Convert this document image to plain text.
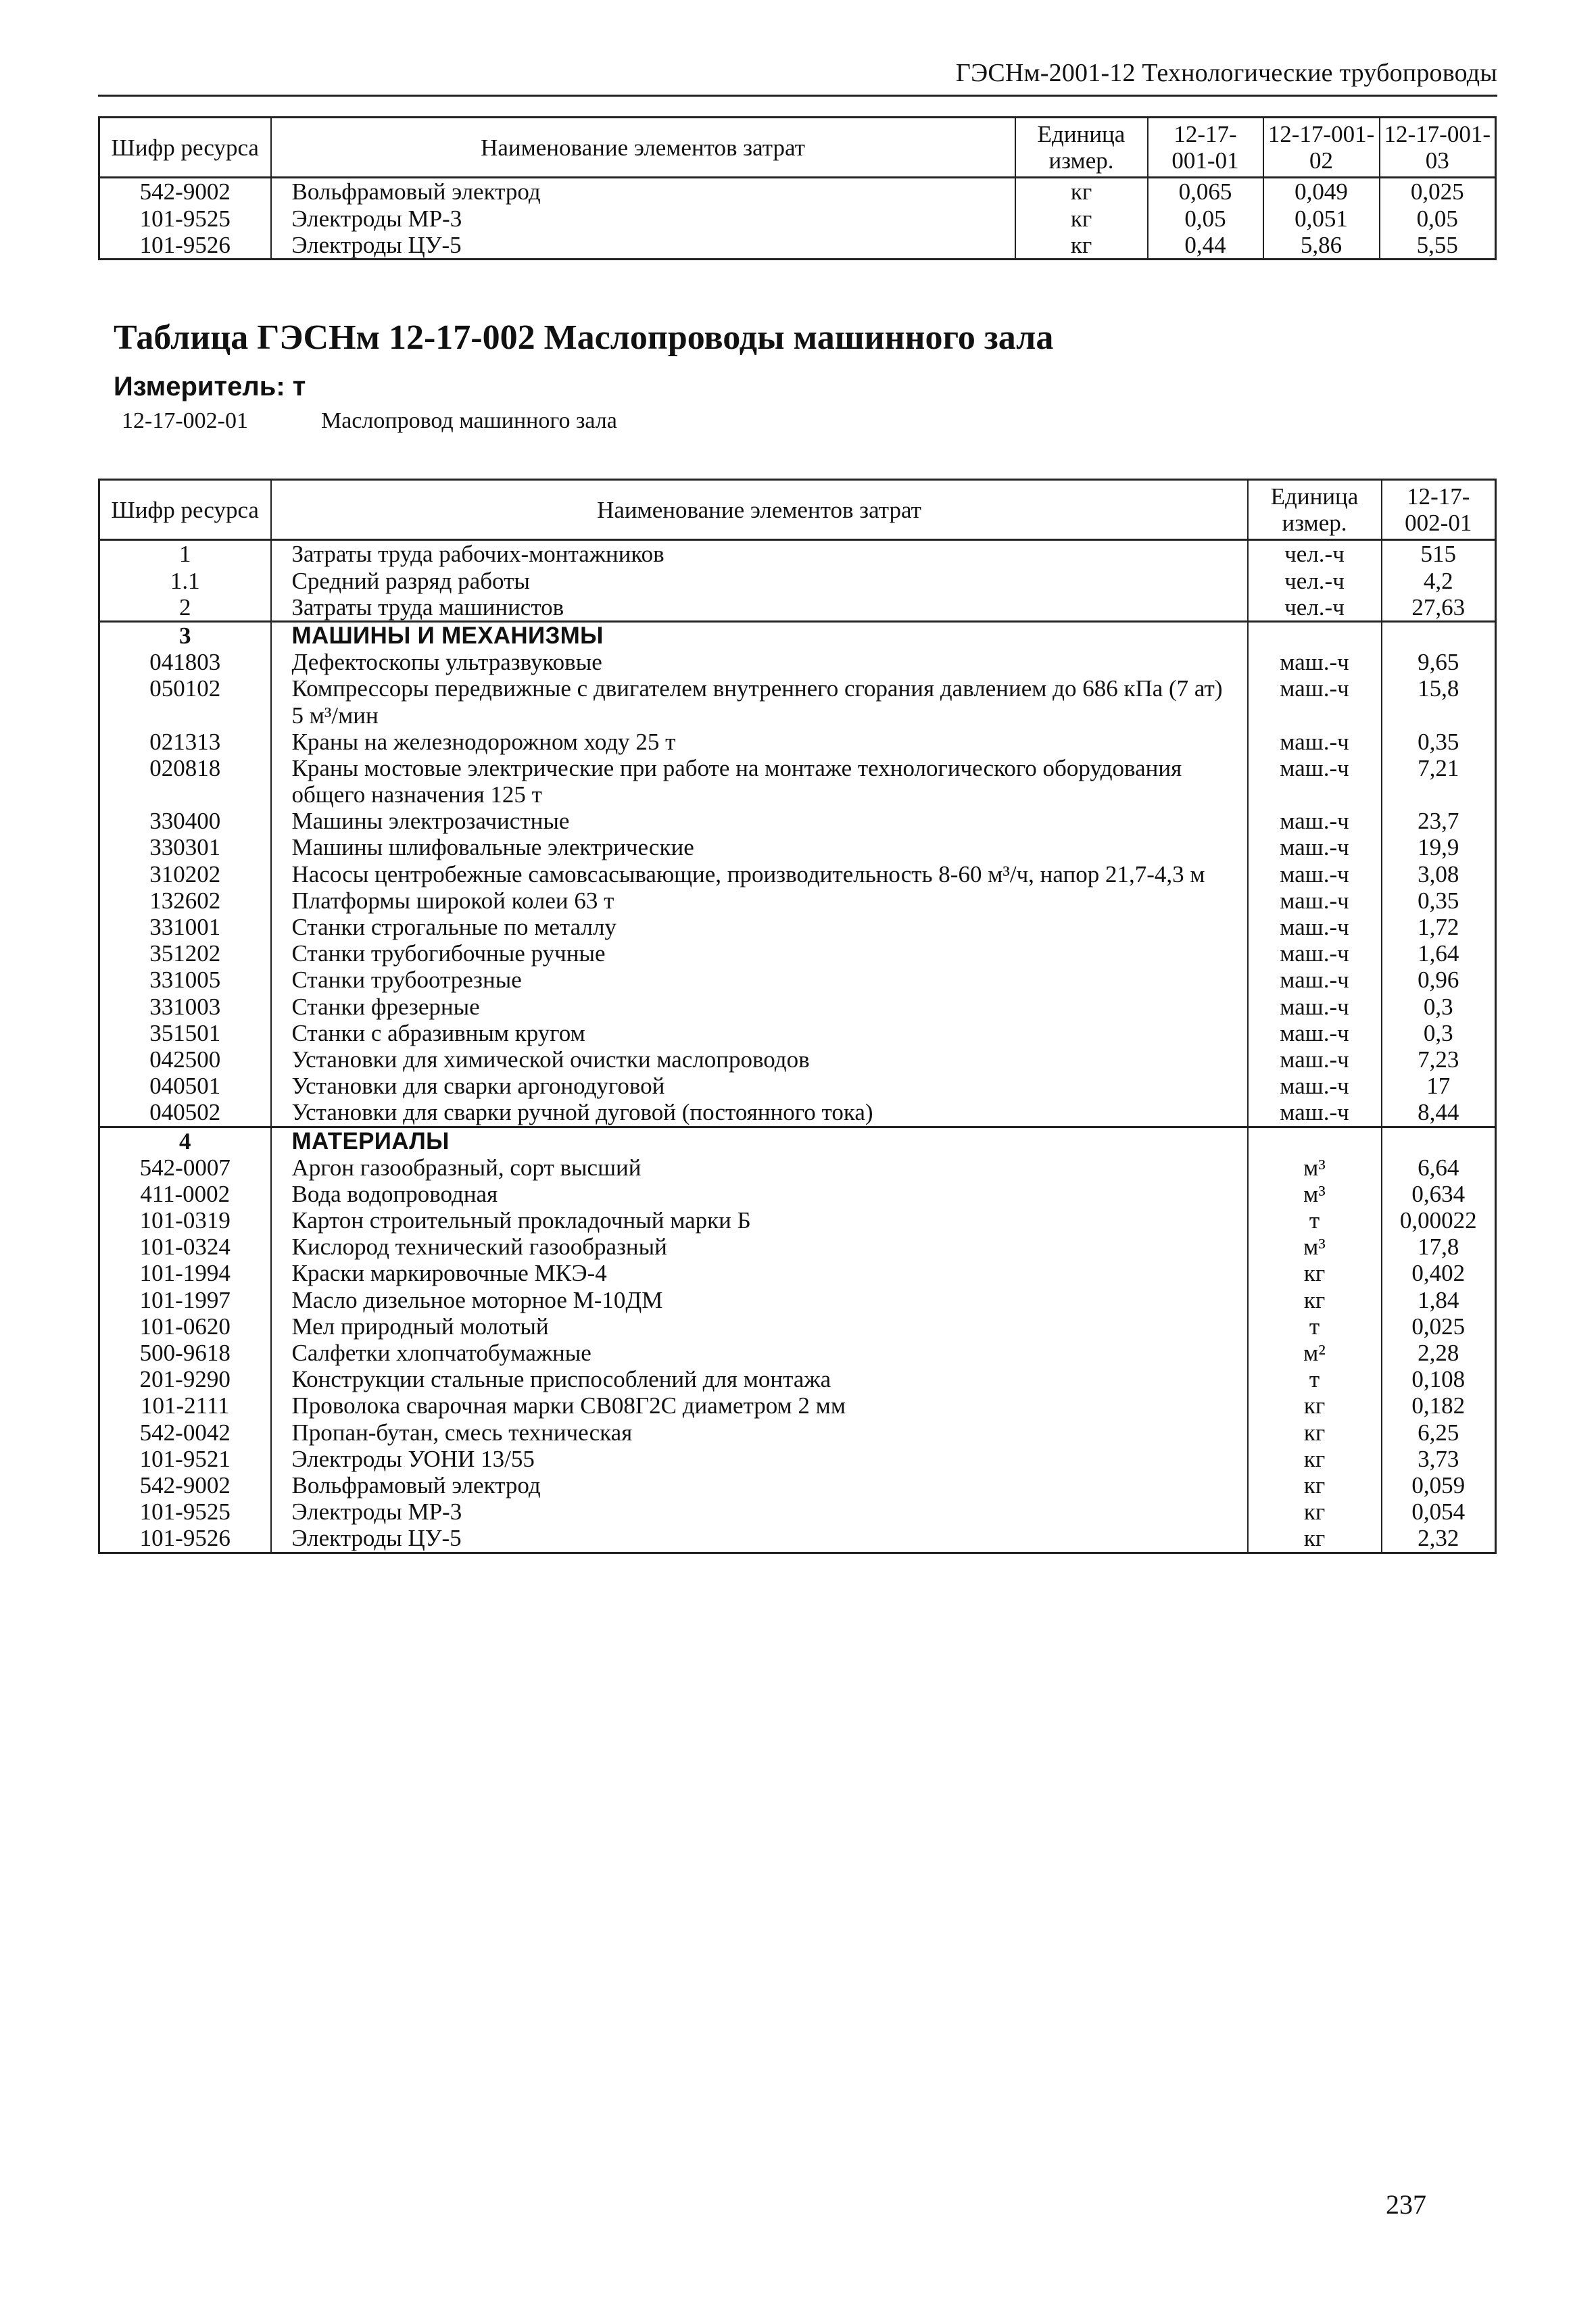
ГЭСНм-2001-12 Технологические трубопроводы
Шифр ресурса	Наименование элементов затрат	Единица измер.	12-17-001-01	12-17-001-02	12-17-001-03
542-9002	Вольфрамовый электрод	кг	0,065	0,049	0,025
101-9525	Электроды МР-3	кг	0,05	0,051	0,05
101-9526	Электроды ЦУ-5	кг	0,44	5,86	5,55
Таблица ГЭСНм 12-17-002 Маслопроводы машинного зала
Измеритель: т
12-17-002-01	Маслопровод машинного зала
Шифр ресурса	Наименование элементов затрат	Единица измер.	12-17-002-01
1	Затраты труда рабочих-монтажников	чел.-ч	515
1.1	Средний разряд работы	чел.-ч	4,2
2	Затраты труда машинистов	чел.-ч	27,63
3	МАШИНЫ И МЕХАНИЗМЫ		
041803	Дефектоскопы ультразвуковые	маш.-ч	9,65
050102	Компрессоры передвижные с двигателем внутреннего сгорания давлением до 686 кПа (7 ат) 5 м³/мин	маш.-ч	15,8
021313	Краны на железнодорожном ходу 25 т	маш.-ч	0,35
020818	Краны мостовые электрические при работе на монтаже технологического оборудования общего назначения 125 т	маш.-ч	7,21
330400	Машины электрозачистные	маш.-ч	23,7
330301	Машины шлифовальные электрические	маш.-ч	19,9
310202	Насосы центробежные самовсасывающие, производительность 8-60 м³/ч, напор 21,7-4,3 м	маш.-ч	3,08
132602	Платформы широкой колеи 63 т	маш.-ч	0,35
331001	Станки строгальные по металлу	маш.-ч	1,72
351202	Станки трубогибочные ручные	маш.-ч	1,64
331005	Станки трубоотрезные	маш.-ч	0,96
331003	Станки фрезерные	маш.-ч	0,3
351501	Станки с абразивным кругом	маш.-ч	0,3
042500	Установки для химической очистки маслопроводов	маш.-ч	7,23
040501	Установки для сварки аргонодуговой	маш.-ч	17
040502	Установки для сварки ручной дуговой (постоянного тока)	маш.-ч	8,44
4	МАТЕРИАЛЫ		
542-0007	Аргон газообразный, сорт высший	м³	6,64
411-0002	Вода водопроводная	м³	0,634
101-0319	Картон строительный прокладочный марки Б	т	0,00022
101-0324	Кислород технический газообразный	м³	17,8
101-1994	Краски маркировочные МКЭ-4	кг	0,402
101-1997	Масло дизельное моторное М-10ДМ	кг	1,84
101-0620	Мел природный молотый	т	0,025
500-9618	Салфетки хлопчатобумажные	м²	2,28
201-9290	Конструкции стальные приспособлений для монтажа	т	0,108
101-2111	Проволока сварочная марки СВ08Г2С диаметром 2 мм	кг	0,182
542-0042	Пропан-бутан, смесь техническая	кг	6,25
101-9521	Электроды УОНИ 13/55	кг	3,73
542-9002	Вольфрамовый электрод	кг	0,059
101-9525	Электроды МР-3	кг	0,054
101-9526	Электроды ЦУ-5	кг	2,32
237
